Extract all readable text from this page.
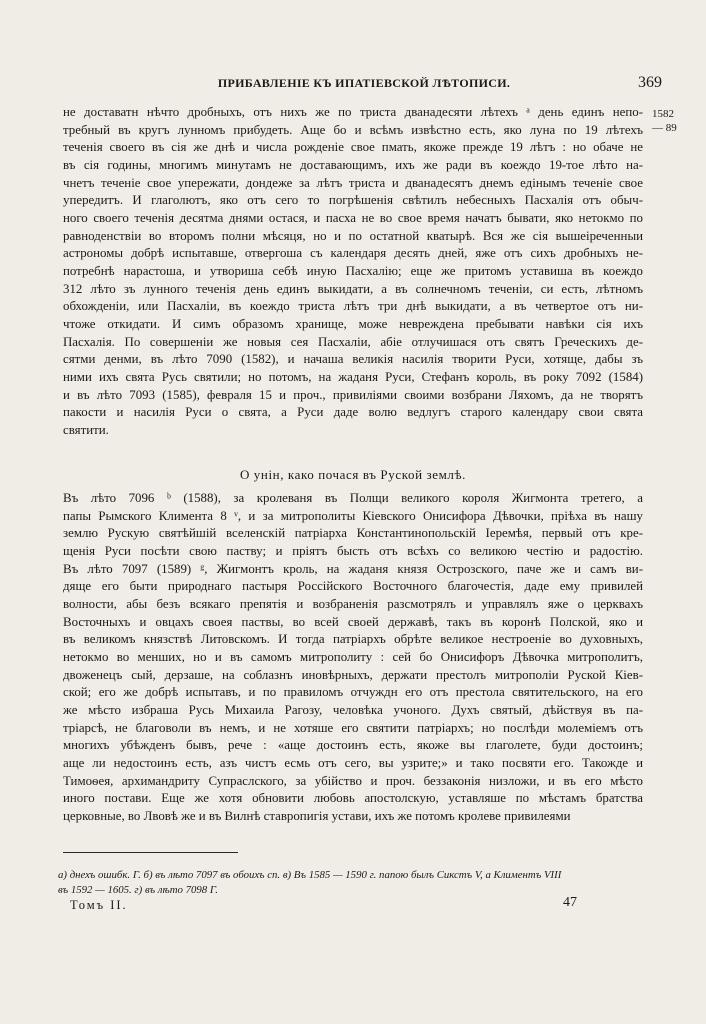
ПРИБАВЛЕНІЕ КЪ ИПАТІЕВСКОЙ ЛѢТОПИСИ.	369
1582
— 89
не доставатн нѣчто дробныхъ, отъ нихъ же по триста дванадесяти лѣтехъ ᵃ день единъ непо-
требный въ кругъ лунномъ прибудеть. Аще бо и всѣмъ извѣстно есть, яко луна по 19 лѣтехъ
теченія своего въ сія же днѣ и числа рожденіе свое пмать, якоже прежде 19 лѣтъ : но обаче не
въ сія годины, многимъ минутамъ не доставающимъ, ихъ же ради въ коеждо 19-тое лѣто на-
чнетъ теченіе свое упережати, дондеже за лѣтъ триста и дванадесятъ днемъ едінымъ теченіе свое
упередитъ. И глаголютъ, яко отъ сего то погрѣшенія свѣтилъ небесныхъ Пасхалія отъ обыч-
ного своего теченія десятма днями остася, и пасха не во свое время начатъ бывати, яко нетокмо по
равноденствіи во второмъ полни мѣсяця, но и по остатной кватырѣ. Вся же сія вышеіреченныи
астрономы добрѣ испытавше, отвергоша съ календаря десять дней, яже отъ сихъ дробныхъ не-
потребнѣ нарастоша, и утвориша себѣ иную Пасхалію; еще же притомъ уставиша въ коеждо
312 лѣто зъ лунного теченія день единъ выкидати, а въ солнечномъ теченіи, си есть, лѣтномъ
обхожденіи, или Пасхаліи, въ коеждо триста лѣтъ три днѣ выкидати, а въ четвертое отъ ни-
чтоже откидати. И симъ образомъ хранище, може невреждена пребывати навѣки сія ихъ
Пасхалія. По совершеніи же новыя сея Пасхаліи, абіе отлучишася отъ святъ Греческихъ де-
сятми денми, въ лѣто 7090 (1582), и начаша великія насилія творити Руси, хотяще, дабы зъ
ними ихъ свята Русь святили; но потомъ, на жаданя Руси, Стефанъ король, въ року 7092 (1584)
и въ лѣто 7093 (1585), февраля 15 и проч., привиліями своими возбрани Ляхомъ, да не творятъ
пакости и насилія Руси о свята, а Руси даде волю ведлугъ старого календару свои свята
святити.
О унін, како почася въ Руской землѣ.
Въ лѣто 7096 ᵇ (1588), за кролеваня въ Полщи великого короля Жигмонта третего, а
папы Рымского Климента 8 ᵛ, и за митрополиты Кіевского Онисифора Дѣвочки, пріѣха въ нашу
землю Рускую святѣйшій вселенскій патріарха Константинопольскій Іеремѣя, первый отъ кре-
щенія Руси посѣти свою паству; и пріятъ бысть отъ всѣхъ со великою честію и радостію.
Въ лѣто 7097 (1589) ᵍ, Жигмонтъ кроль, на жаданя князя Острозского, паче же и самъ ви-
дяще его быти природнаго пастыря Россійского Восточного благочестія, даде ему привилей
волности, абы безъ всякаго препятія и возбраненія разсмотрялъ и управлялъ яже о церквахъ
Восточныхъ и овцахъ своея паствы, во всей своей державѣ, такъ въ коронѣ Полской, яко и
въ великомъ князствѣ Литовскомъ. И тогда патріархъ обрѣте великое нестроеніе во духовныхъ,
нетокмо во менших, но и въ самомъ митрополиту : сей бо Онисифоръ Дѣвочка митрополитъ,
двоженецъ сый, дерзаше, на соблазнъ иновѣрныхъ, держати престолъ митрополіи Руской Кіев-
ской; его же добрѣ испытавъ, и по правиломъ отчуждн его отъ престола святительского, на его
же мѣсто избраша Русь Михаила Рагозу, человѣка учоного. Духъ святый, дѣйствуя въ па-
тріарсѣ, не благоволи въ немъ, и не хотяше его святити патріархъ; но послѣди молеміемъ отъ
многихъ убѣжденъ бывъ, рече : «аще достоинъ есть, якоже вы глаголете, буди достоинъ;
аще ли недостоинъ есть, азъ чистъ есмь отъ сего, вы узрите;» и тако посвяти его. Такожде и
Тимоѳея, архимандриту Супраслского, за убійство и проч. беззаконія низложи, и въ его мѣсто
иного постави. Еще же хотя обновити любовь апостолскую, уставляше по мѣстамъ братства
церковные, во Лвовѣ же и въ Вилнѣ ставропигія устави, ихъ же потомъ кролеве привилеями
а) днехъ ошибк. Г. б) въ лѣто 7097 въ обоихъ сп. в) Въ 1585 — 1590 г. папою былъ Сикстъ V, а Климентъ VIII
въ 1592 — 1605. г) въ лѣто 7098 Г.
Томъ II.	47
